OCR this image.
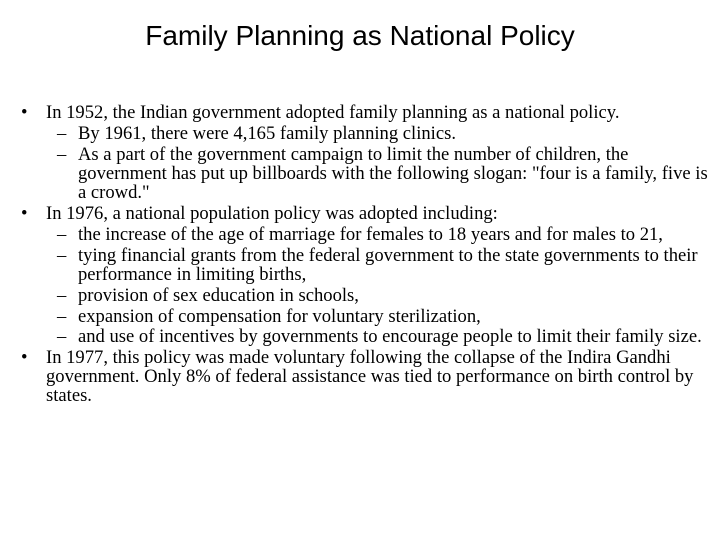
Family Planning as National Policy
• In 1952, the Indian government adopted family planning as a national policy.
– By 1961, there were 4,165 family planning clinics.
– As a part of the government campaign to limit the number of children, the government has put up billboards with the following slogan: "four is a family, five is a crowd."
• In 1976, a national population policy was adopted including:
– the increase of the age of marriage for females to 18 years and for males to 21,
– tying financial grants from the federal government to the state governments to their performance in limiting births,
– provision of sex education in schools,
– expansion of compensation for voluntary sterilization,
– and use of incentives by governments to encourage people to limit their family size.
• In 1977, this policy was made voluntary following the collapse of the Indira Gandhi government. Only 8% of federal assistance was tied to performance on birth control by states.
